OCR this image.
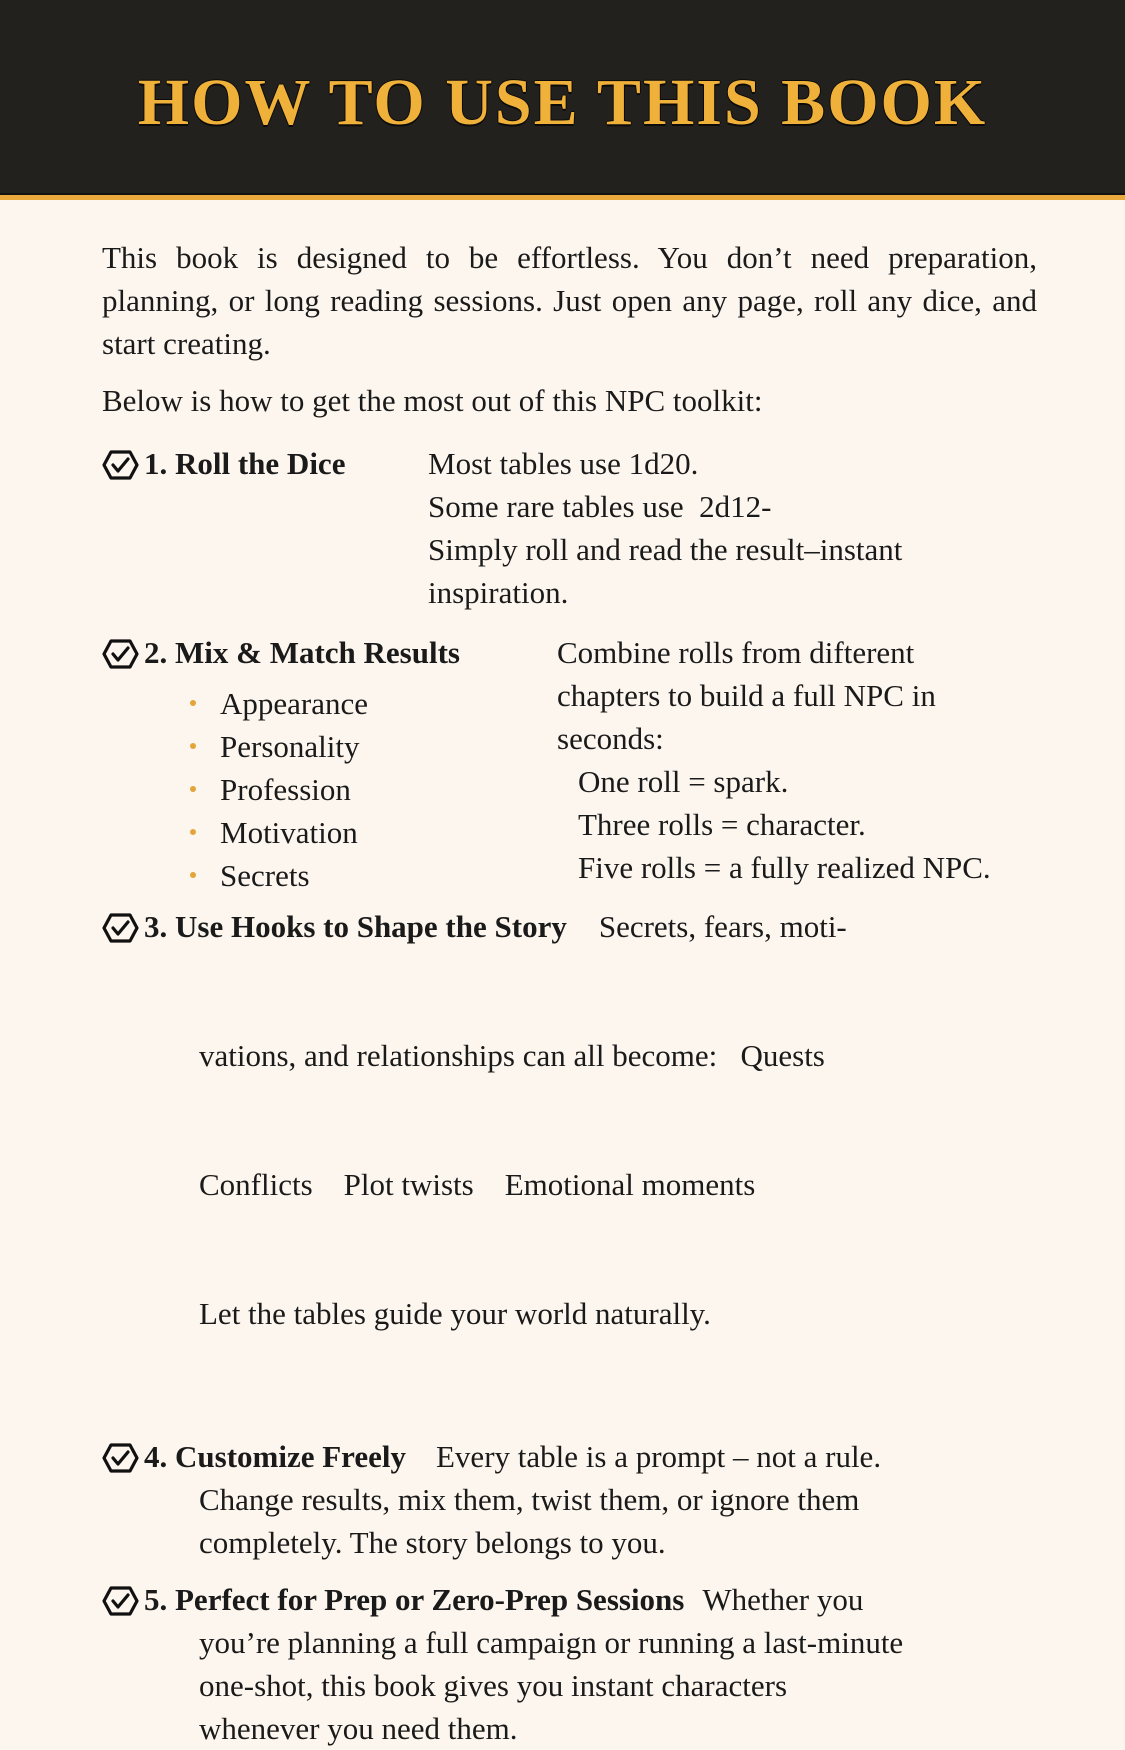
HOW TO USE THIS BOOK

This book is designed to be effortless. You don’t need preparation, planning, or long reading sessions. Just open any page, roll any dice, and start creating.

Below is how to get the most out of this NPC toolkit:

1. Roll the Dice	Most tables use 1d20.
Some rare tables use  2d12-
Simply roll and read the result–instant
inspiration.
2. Mix & Match Results
Appearance
Personality
Profession
Motivation
Secrets
Combine rolls from difterent
chapters to build a full NPC in
seconds:
One roll = spark.
Three rolls = character.
Five rolls = a fully realized NPC.
3. Use Hooks to Shape the Story Secrets, fears, moti-

vations, and relationships can all become:   Quests

Conflicts    Plot twists    Emotional moments

Let the tables guide your world naturally.

4. Customize Freely Every table is a prompt – not a rule.
Change results, mix them, twist them, or ignore them
completely. The story belongs to you.
5. Perfect for Prep or Zero-Prep Sessions Whether you
you’re planning a full campaign or running a last-minute
one-shot, this book gives you instant characters
whenever you need them.
